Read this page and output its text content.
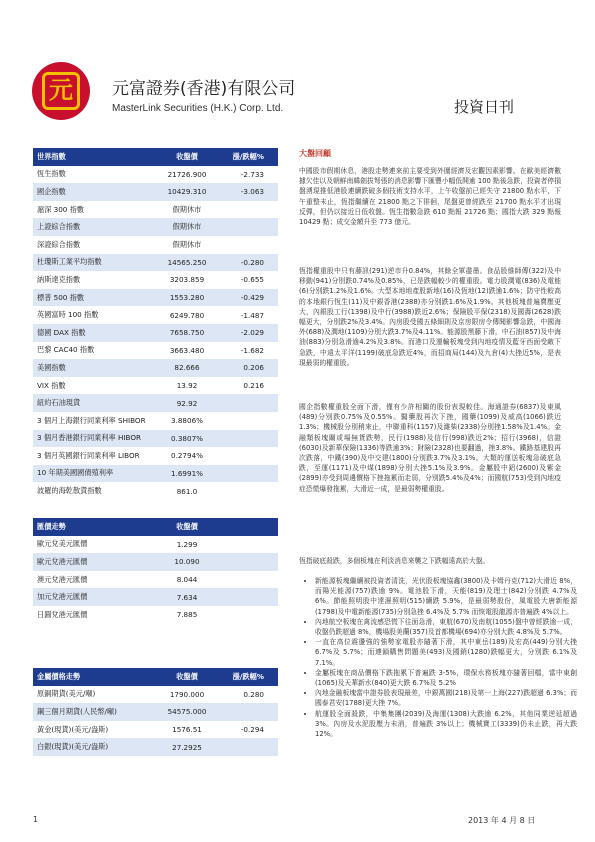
元	元富證券(香港)有限公司
MasterLink Securities (H.K.) Corp. Ltd.	投資日刊
世界指數	收盤價	漲/跌幅%
恆生指數	21726.900	-2.733
國企指數	10429.310	-3.063
滬深 300 指數	假期休市	
上證綜合指數	假期休市	
深證綜合指數	假期休市	
杜瓊斯工業平均指數	14565.250	-0.280
納斯達克指數	3203.859	-0.655
標普 500 指數	1553.280	-0.429
英國富時 100 指數	6249.780	-1.487
德國 DAX 指數	7658.750	-2.029
巴黎 CAC40 指數	3663.480	-1.682
美國指數	82.666	0.206
VIX 指數	13.92	0.216
紐約石油現貨	92.92	
3 個月上海銀行同業利率 SHIBOR	3.8806%	
3 個月香港銀行同業利率 HIBOR	0.3807%	
3 個月英國銀行同業利率 LIBOR	0.2794%	
10 年期美國國債殖利率	1.6991%	
波羅的海乾散貨指數	861.0	
匯價走勢	收盤價	
歐元兌美元匯價	1.299	
歐元兌港元匯價	10.090	
澳元兌港元匯價	8.044	
加元兌港元匯價	7.634	
日圓兌港元匯價	7.885	
金屬價格走勢	收盤價	漲/跌幅%
原銅期貨(美元/噸)	1790.000	0.280
鋼三個月期貨(人民幣/噸)	54575.000	
黃金(現貨)(美元/盎斯)	1576.51	-0.294
白銀(現貨)(美元/盎斯)	27.2925	
大盤回顧

中國股市假期休息，港股走勢連來前主要受到外圍經濟及宏觀因素影響。在歐美經濟數據欠佳以及朝鮮南韓劍拔弩張的消息影響下匯豐小幅低開逾 100 點後急跌，投資者停損盤湧現推低港股連續跌破多個技術支持水平，上午收盤前已經失守 21800 點水平，下午重整未止，恆指繼續在 21800 點之下徘徊，尾盤更曾經跌至 21700 點水平才出現反彈，但仍以接近日低收盤。恆生指數急跌 610 點報 21726 點；國指大跌 329 點報 10429 點；成交金額升至 773 億元。

恆指權重股中只有藤訊(291)逆市升0.84%，其餘全軍盡墨。食品股維師傳(322)及中移動(941)分別跌0.74%及0.85%，已是跌幅較少的權重股。電力股潤電(836)及電能(6)分別跌1.2%及1.6%。大型本地地產股新地(16)及恆地(12)跌逾1.6%；防守性較高的本地銀行恆生(11)及中銀香港(2388)亦分別跌1.6%及1.9%。其他板塊普遍賣壓更大，內銀股工行(1398)及中行(3988)跌近2.6%；保險股平保(2318)及國壽(2628)跌幅更大，分別跌2%及3.4%。內房股受國五條細則及京房限房令傳聞影響急跌，中國海外(688)及潤地(1109)分別大跌3.7%及4.11%。能源股黑藤下滑，中石油(857)及中海油(883)分別急滑逾4.2%及3.8%。而港口及運輸板塊受到內地疫情及藍牙西面受敵下急跌，中遠太平洋(1199)破底急跌近4%，而招商局(144)及九倉(4)大挫近5%，是表現最弱的權重股。

國企指數權重股全面下滑，僅有少許相關的股份表現較佳。海通證券(6837)及東風(489)分別跌0.75%及0.55%。醫藥股再次下挫，國藥(1099)及威高(1066)跌近1.3%；機械股分別稍來止，中聯重科(1157)及濰柴(2338)分別挫1.58%及1.4%。金融類板塊關或場無貨跌勢，民行(1988)及信行(998)跌近2%；招行(3968)，信證(6030)及新華保險(1336)等跌逾3%；財險(2328)也要翻過，挫3.8%。鐵路基建股再次跌落，中鐵(390)及中交建(1800)分別跌3.7%及3.1%。大類的運送板塊急破底急跌，至運(1171)及中煤(1898)分別大挫5.1%及3.9%。金屬股中鋁(2600)及紫金(2899)亦受到周邊價格下挫拖累而走弱，分別跌5.4%及4%；而國航(753)受到內地疫症恐慌爆發拖累，大滑近一成，是最弱勢權重股。

恆指破底殺跌，多個板塊在利淡消息來襲之下跌幅遠高於大盤。

• 新能源板塊繼續被投資者清洗，光伏股板塊協鑫(3800)及卡姆丹克(712)大滑近 8%，而陽光能源(757)跌逾 9%。電池股下滑，天能(819)及理士(842)分別跌 4.7%及 6%。節能照明股中達濕照明(515)續跌 5.9%，是最弱勢股份，風電股大唐新能源(1798)及中電新能源(735)分別急挫 6.4%及 5.7% 而恢電股龍源亦普遍跌 4%以上。
• 內地航空板塊在禽流感恐慌下往面急滑，東航(670)及南航(1055)盤中曾經跌逾一成，收盤仍跌超過 8%，機場股美蘭(357)及首都機場(694)亦分別大跌 4.8%及 5.7%。
• 一直在高位震盪強的強勢家電股亦隨著下滑，其中東岳(189)及宏高(449)分別大挫 6.7%及 5.7%；而連鎖購售問題美(493)及國銷(1280)跌幅更大，分別跌 6.1%及 7.1%。
• 金屬板塊在商品價格下跌拖累下普遍跌 3-5%，環保水務板塊亦隨著回檔，當中東創(1065)及天華新水(840)更大跌 6.7%及 5.2%
• 內地金融板塊當中證券股表現最差，中銀萬國(218)及第一上海(227)跌超過 6.3%；而國泰君安(1788)更大挫 7%。
• 航運股全面殺跌，中集集團(2039)及海運(1308)大跌逾 6.2%，其他同業逆延超過 3%。內房及水泥股壓力未消，普遍跌 3%以上；機械寶工(3339)仍未止跌，再大跌 12%。
1	2013 年 4 月 8 日
